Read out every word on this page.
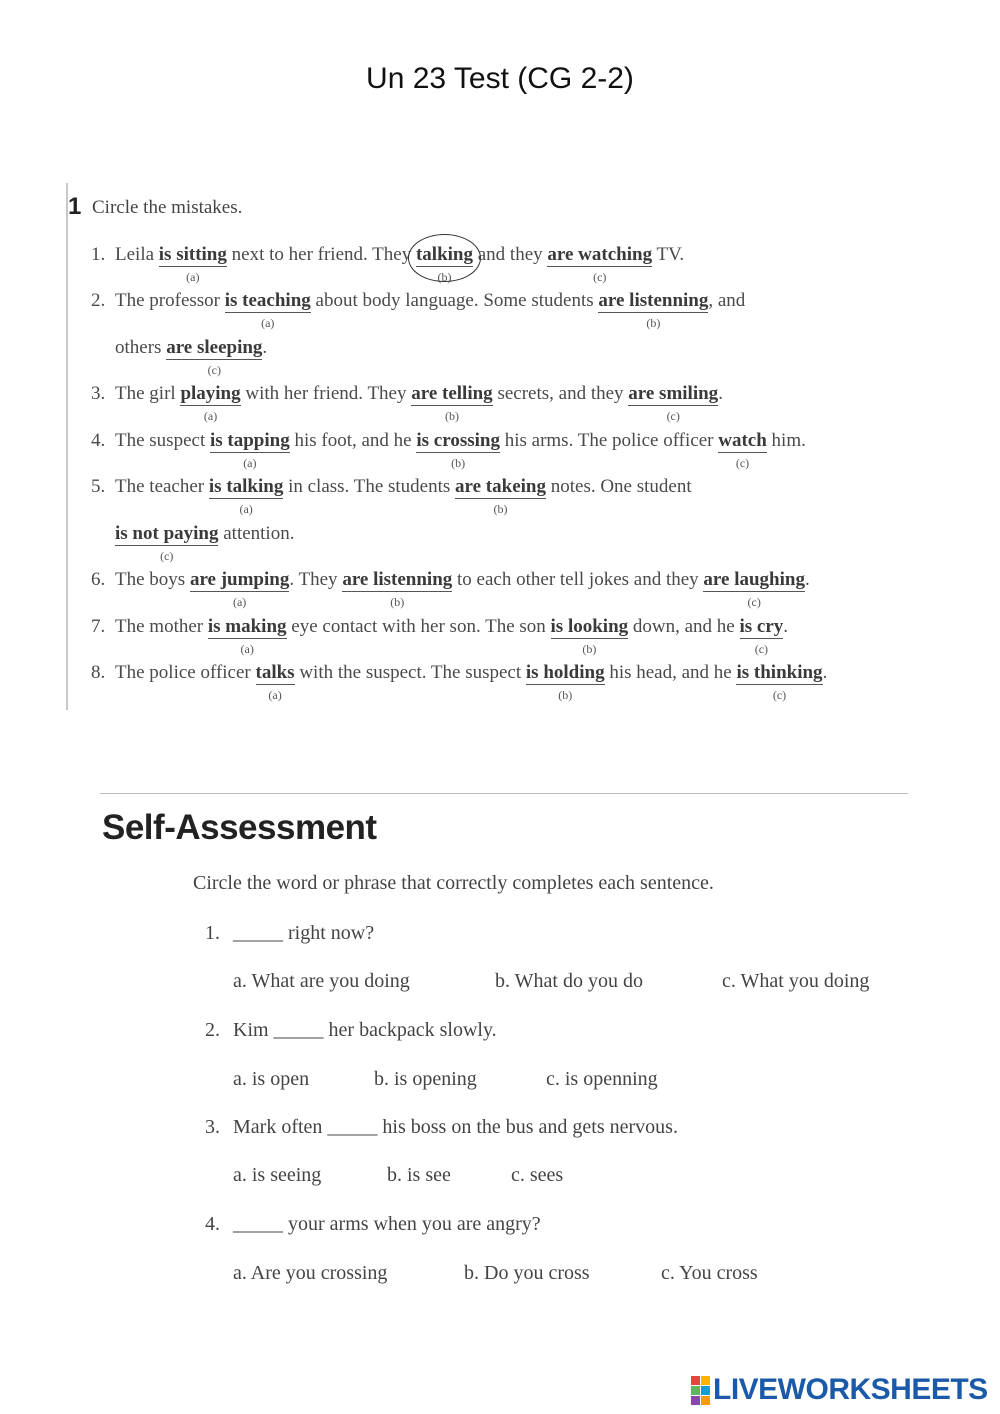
Un 23 Test (CG 2-2)
1 Circle the mistakes.
1. Leila is sitting
(a)
next to her friend. They talking
(b)
and they are watching
(c)
TV.
2. The professor is teaching
(a)
about body language. Some students are listenning
(b)
, and
others are sleeping
(c)
.
3. The girl playing
(a)
with her friend. They are telling
(b)
secrets, and they are smiling
(c)
.
4. The suspect is tapping
(a)
his foot, and he is crossing
(b)
his arms. The police officer watch
(c)
him.
5. The teacher is talking
(a)
in class. The students are takeing
(b)
notes. One student
is not paying
(c)
attention.
6. The boys are jumping
(a)
. They are listenning
(b)
to each other tell jokes and they are laughing
(c)
.
7. The mother is making
(a)
eye contact with her son. The son is looking
(b)
down, and he is cry
(c)
.
8. The police officer talks
(a)
with the suspect. The suspect is holding
(b)
his head, and he is thinking
(c)
.
Self-Assessment
Circle the word or phrase that correctly completes each sentence.
1. _____ right now?
a. What are you doing	b. What do you do	c. What you doing
2. Kim _____ her backpack slowly.
a. is open	b. is opening	c. is openning
3. Mark often _____ his boss on the bus and gets nervous.
a. is seeing	b. is see	c. sees
4. _____ your arms when you are angry?
a. Are you crossing	b. Do you cross	c. You cross
LIVEWORKSHEETS
